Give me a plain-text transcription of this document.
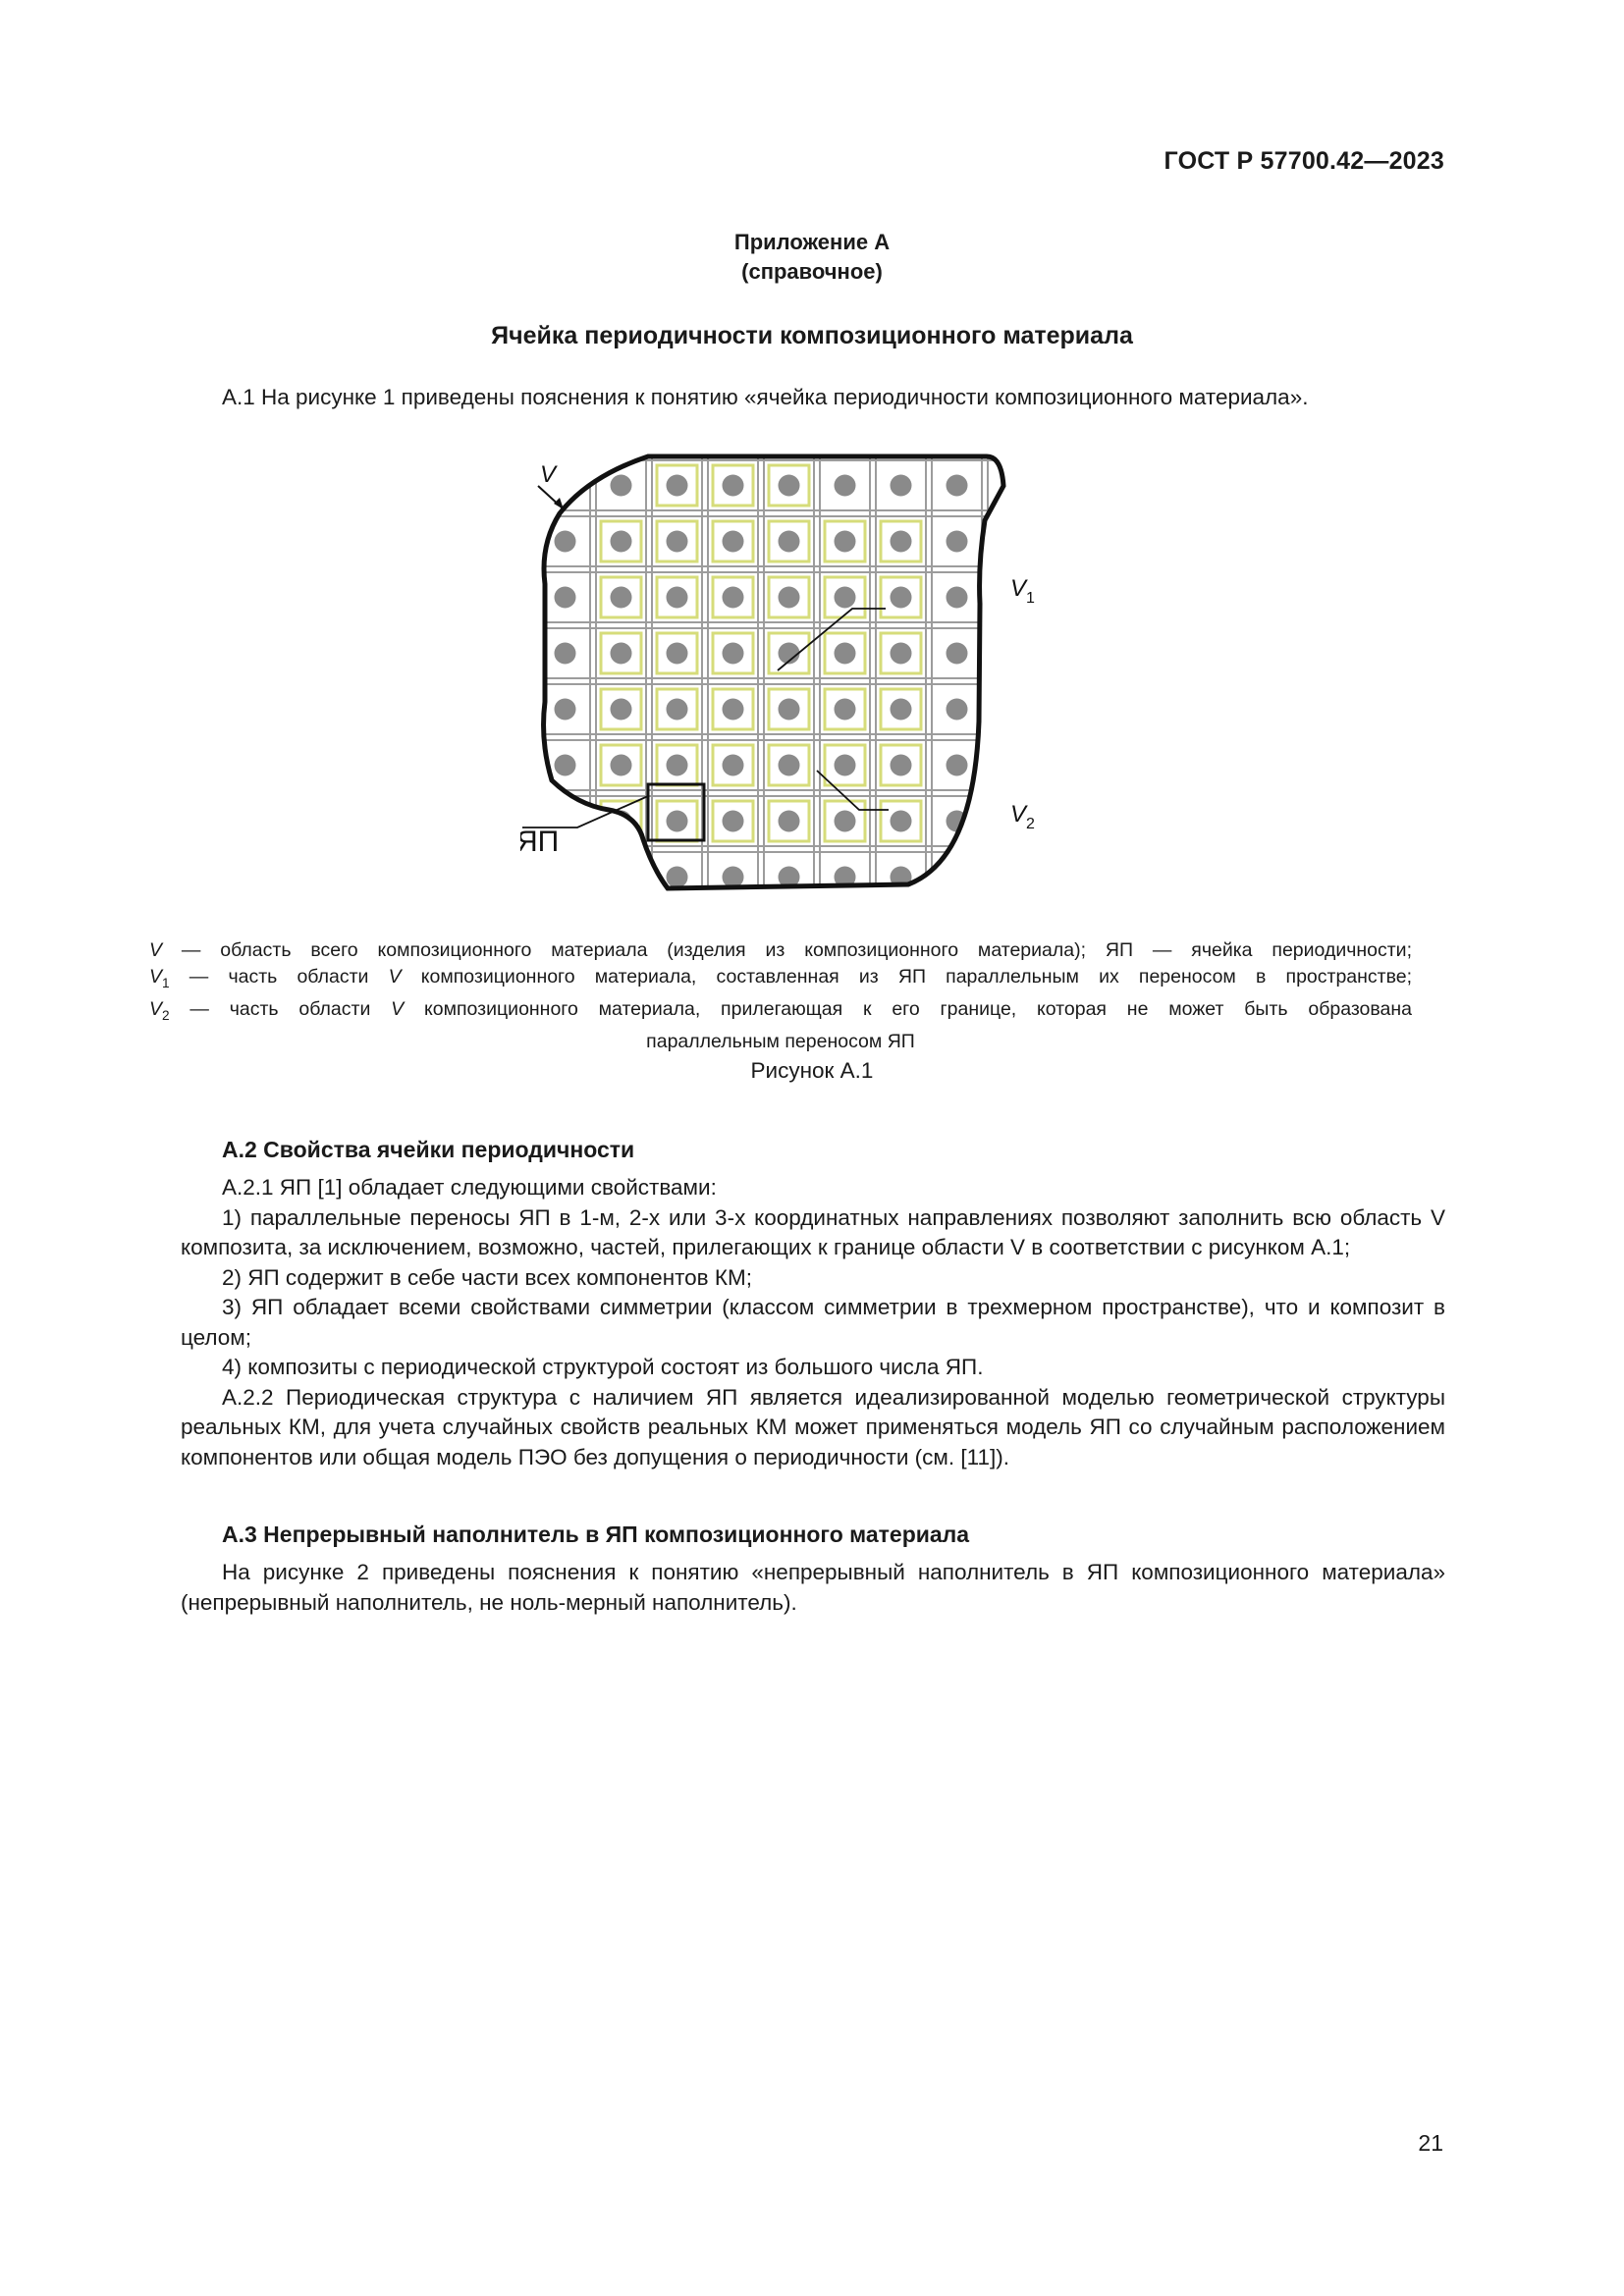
ГОСТ Р 57700.42—2023
Приложение А
(справочное)
Ячейка периодичности композиционного материала
А.1 На рисунке 1 приведены пояснения к понятию «ячейка периодичности композиционного материала».
V
$V_1$
$V_2$
ЯП
V — область всего композиционного материала (изделия из композиционного материала); ЯП — ячейка периодичности;
$V_1$ — часть области V композиционного материала, составленная из ЯП параллельным их переносом в пространстве;
$V_2$ — часть области V композиционного материала, прилегающая к его границе, которая не может быть образована
параллельным переносом ЯП
Рисунок А.1
А.2 Свойства ячейки периодичности
А.2.1 ЯП [1] обладает следующими свойствами:
1) параллельные переносы ЯП в 1-м, 2-х или 3-х координатных направлениях позволяют заполнить всю область V композита, за исключением, возможно, частей, прилегающих к границе области V в соответствии с рисунком А.1;
2) ЯП содержит в себе части всех компонентов КМ;
3) ЯП обладает всеми свойствами симметрии (классом симметрии в трехмерном пространстве), что и композит в целом;
4) композиты с периодической структурой состоят из большого числа ЯП.
А.2.2 Периодическая структура с наличием ЯП является идеализированной моделью геометрической структуры реальных КМ, для учета случайных свойств реальных КМ может применяться модель ЯП со случайным расположением компонентов или общая модель ПЭО без допущения о периодичности (см. [11]).
А.3 Непрерывный наполнитель в ЯП композиционного материала
На рисунке 2 приведены пояснения к понятию «непрерывный наполнитель в ЯП композиционного материала» (непрерывный наполнитель, не ноль-мерный наполнитель).
21
